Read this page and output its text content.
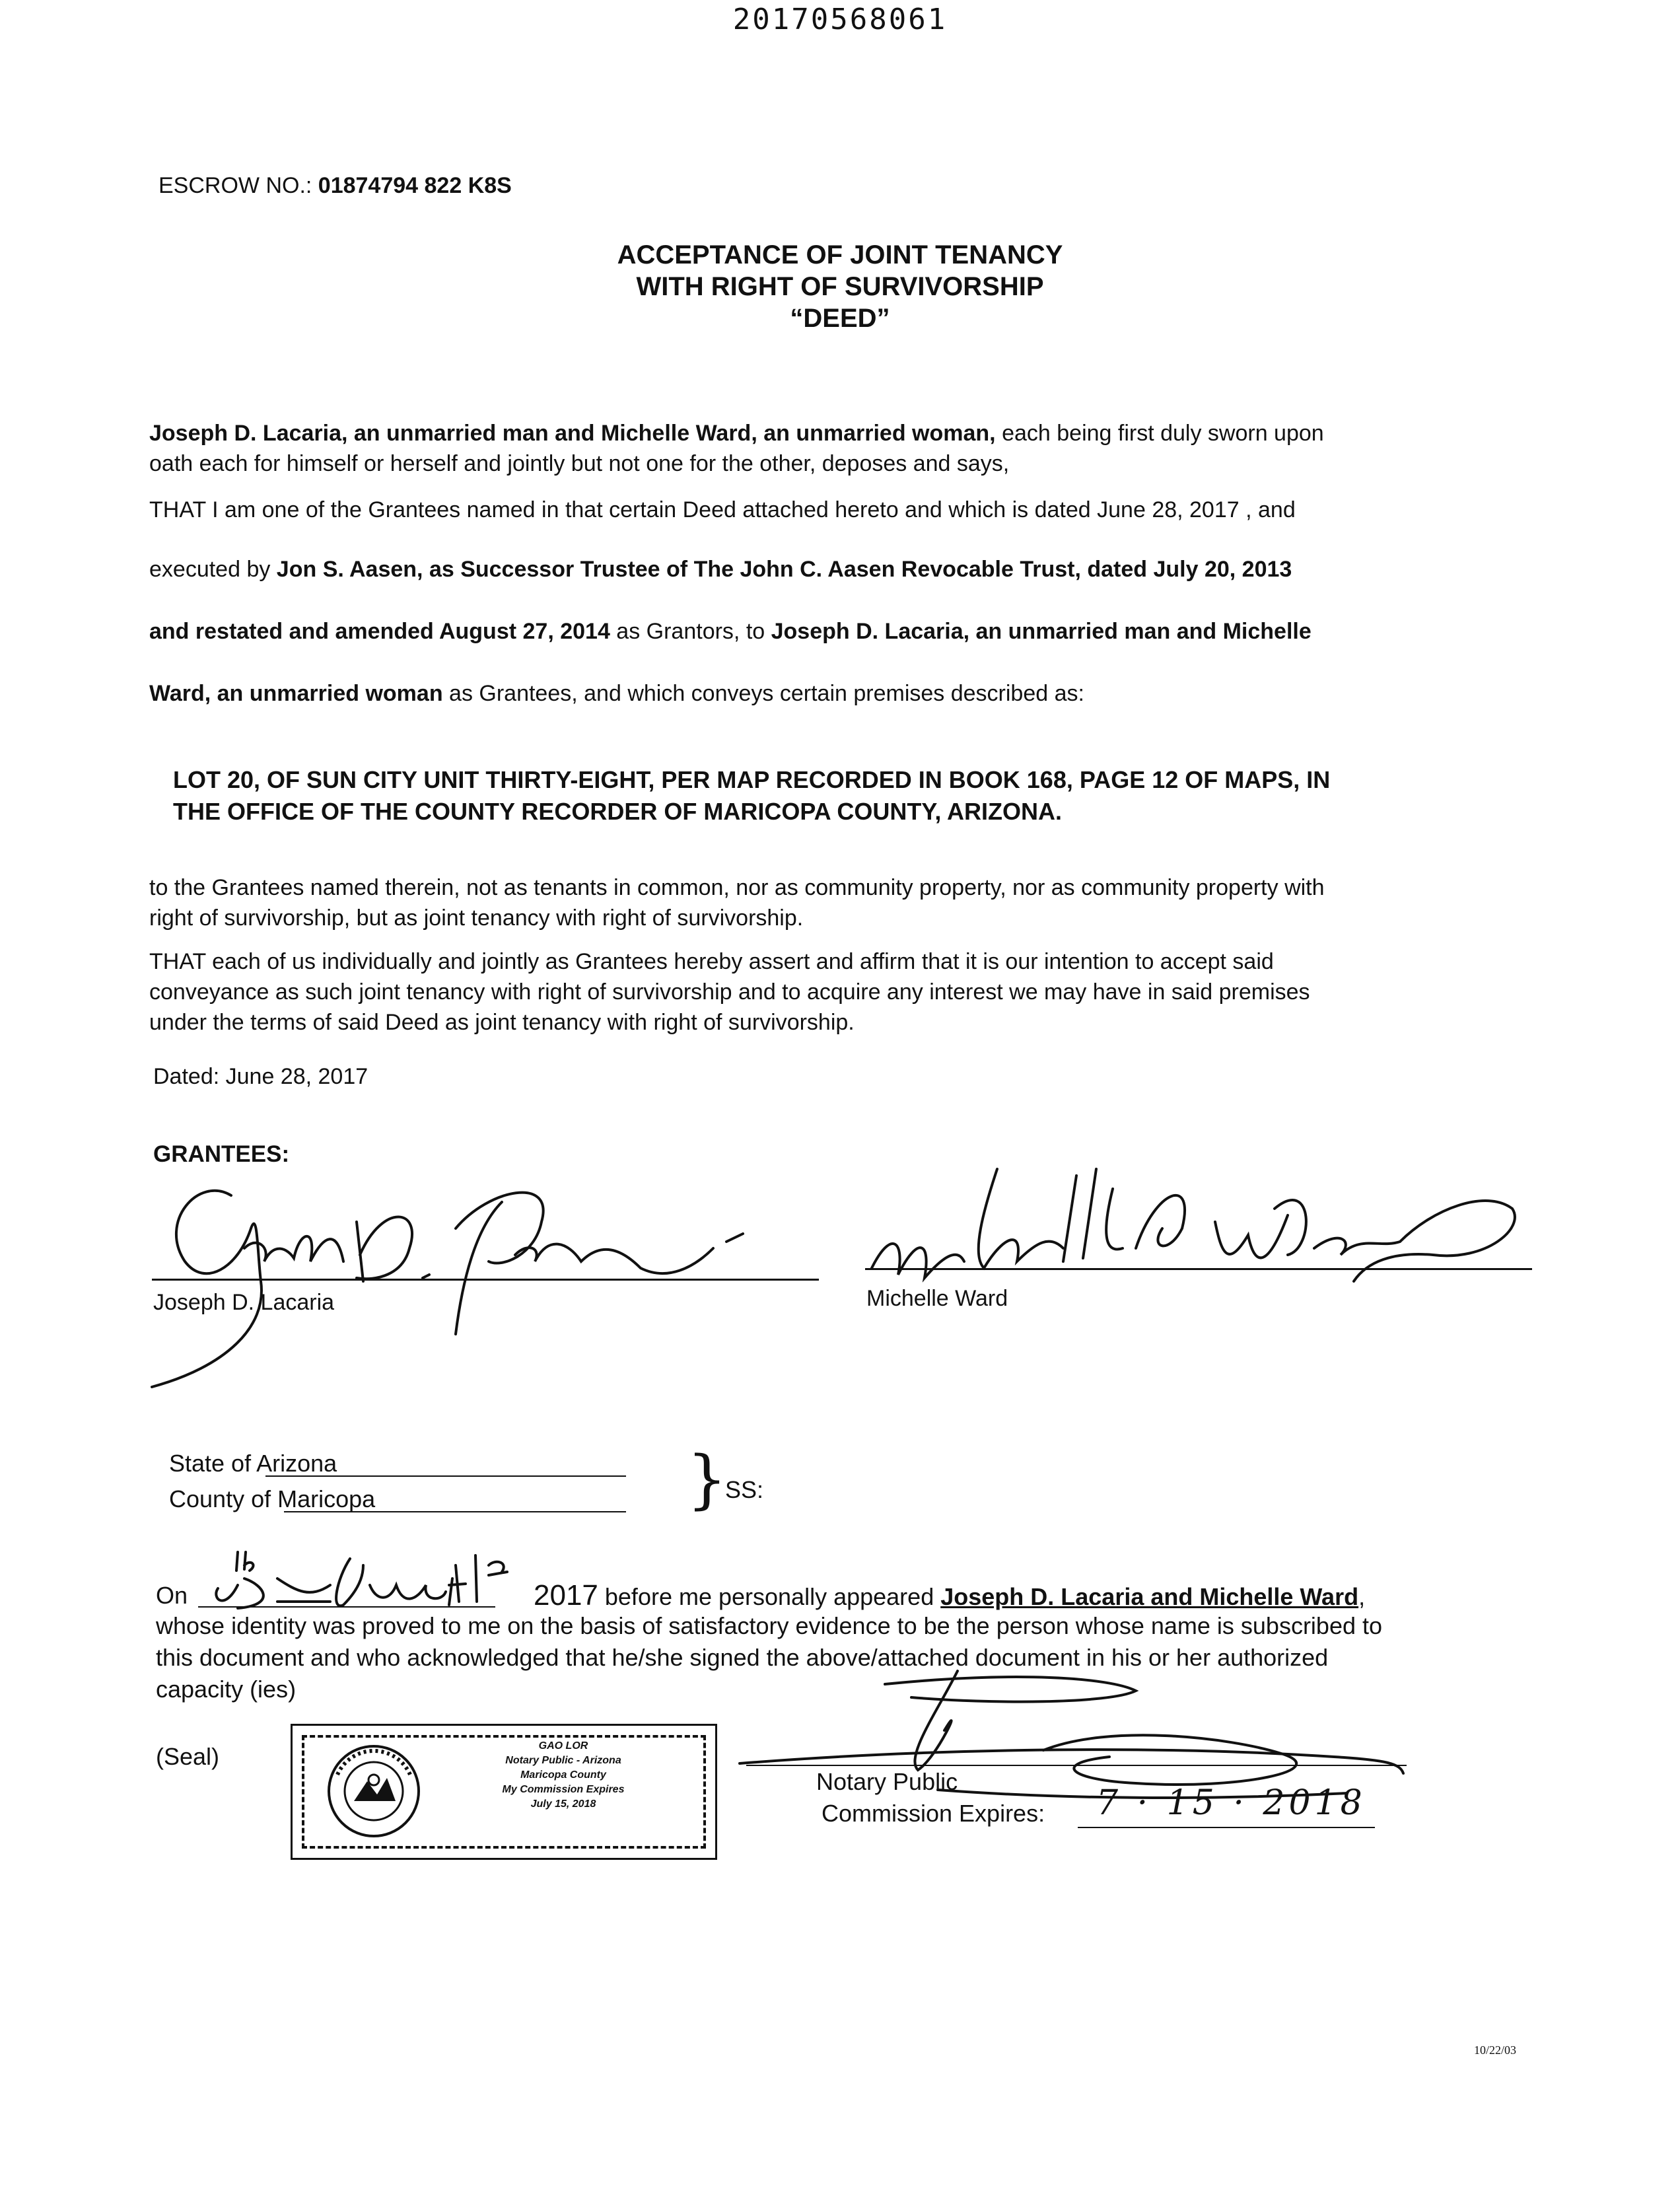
20170568061
ESCROW NO.: 01874794 822 K8S
ACCEPTANCE OF JOINT TENANCY
WITH RIGHT OF SURVIVORSHIP
“DEED”
Joseph D. Lacaria, an unmarried man and Michelle Ward, an unmarried woman, each being first duly sworn upon
oath each for himself or herself and jointly but not one for the other, deposes and says,
THAT I am one of the Grantees named in that certain Deed attached hereto and which is dated June 28, 2017 , and
executed by Jon S. Aasen, as Successor Trustee of The John C. Aasen Revocable Trust, dated July 20, 2013
and restated and amended August 27, 2014 as Grantors, to Joseph D. Lacaria, an unmarried man and Michelle
Ward, an unmarried woman as Grantees, and which conveys certain premises described as:
LOT 20, OF SUN CITY UNIT THIRTY-EIGHT, PER MAP RECORDED IN BOOK 168, PAGE 12 OF MAPS, IN
THE OFFICE OF THE COUNTY RECORDER OF MARICOPA COUNTY, ARIZONA.
to the Grantees named therein, not as tenants in common, nor as community property, nor as community property with
right of survivorship, but as joint tenancy with right of survivorship.
THAT each of us individually and jointly as Grantees hereby assert and affirm that it is our intention to accept said
conveyance as such joint tenancy with right of survivorship and to acquire any interest we may have in said premises
under the terms of said Deed as joint tenancy with right of survivorship.
Dated: June 28, 2017
GRANTEES:
Joseph D. Lacaria	Michelle Ward
State of Arizona
County of Maricopa	}
SS:
On	2017 before me personally appeared Joseph D. Lacaria and Michelle Ward,
whose identity was proved to me on the basis of satisfactory evidence to be the person whose name is subscribed to
this document and who acknowledged that he/she signed the above/attached document in his or her authorized
capacity (ies)
(Seal)	GAO LOR
Notary Public - Arizona
Maricopa County
My Commission Expires
July 15, 2018
Notary Public
Commission Expires: 7 · 15 · 2018
10/22/03
